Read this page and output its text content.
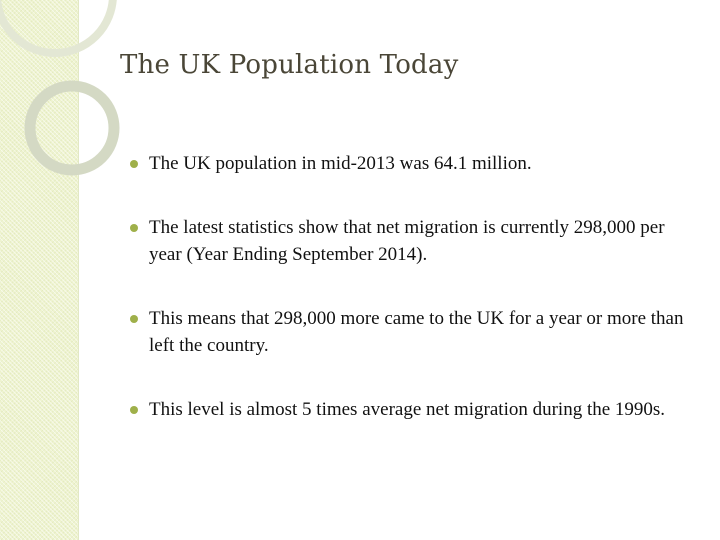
The UK Population Today
The UK population in mid-2013 was 64.1 million.
The latest statistics show that net migration is currently 298,000 per year (Year Ending September 2014).
This means that 298,000 more came to the UK for a year or more than left the country.
This level is almost 5 times average net migration during the 1990s.
